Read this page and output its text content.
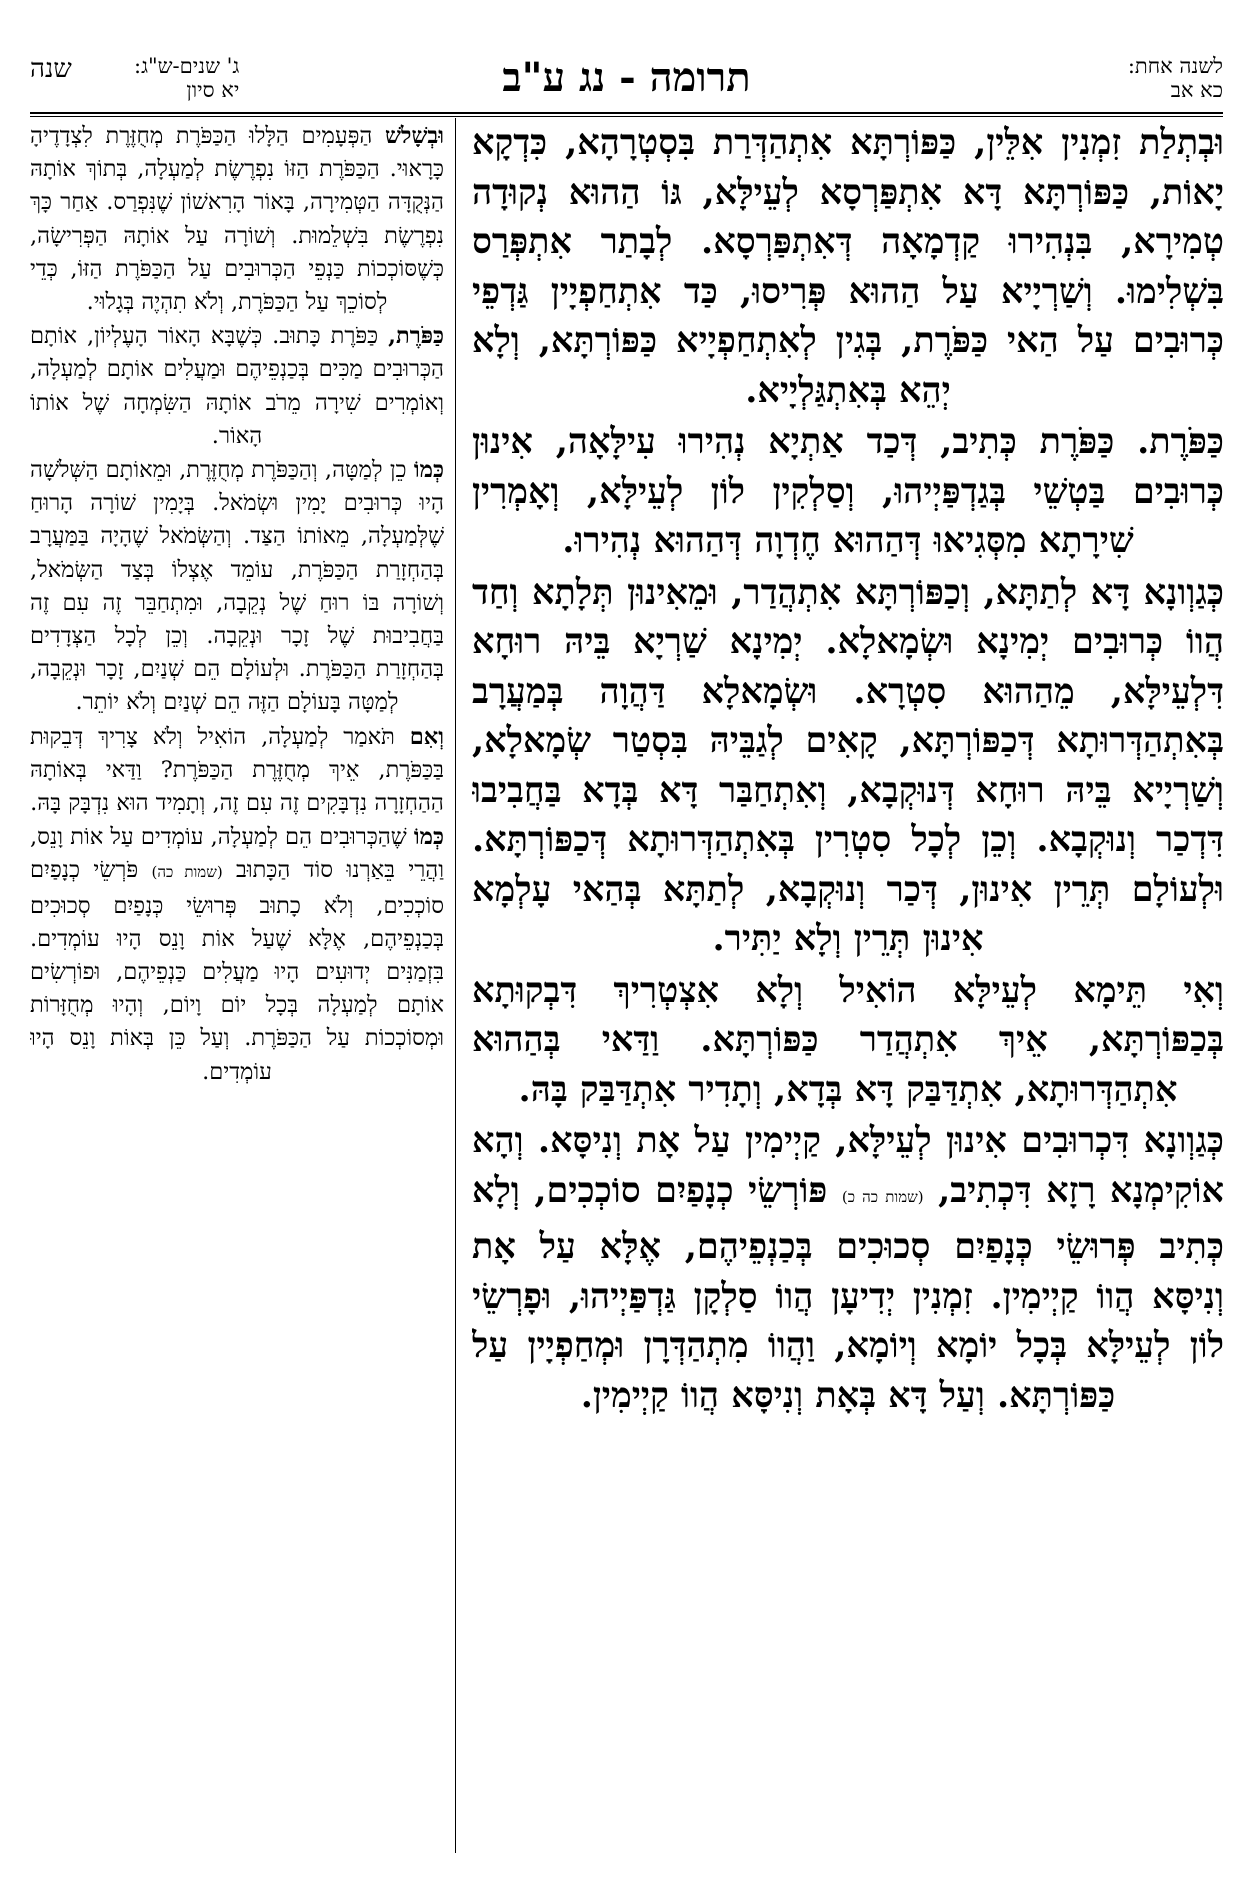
לשנה אחת:
כא אב
תרומה - נג ע"ב
ג' שנים-ש"ג:
יא סיון
שנה

וּבְתְלַת זִמְנִין אִלֵּין, כַּפּוֹרְתָּא אִתְהַדְּרַת בִּסְטְרָהָא, כִּדְקָא יָאוֹת, כַּפּוֹרְתָּא דָּא אִתְפַּרְסָא לְעֵילָּא, גּוֹ הַהוּא נְקוּדָה טְמִירָא, בִּנְהִירוּ קַדְמָאָה דְּאִתְפַּרְסָא. לְבָתַר אִתְפְּרַס בִּשְׁלִימוּ. וְשַׁרְיָיא עַל הַהוּא פְּרִיסוּ, כַּד אִתְחַפְיָין גַּדְפֵי כְּרוּבִים עַל הַאי כַּפֹּרֶת, בְּגִין לְאִתְחַפְיָיא כַּפּוֹרְתָּא, וְלָא יְהֵא בְּאִתְגַּלְיָיא.

כַּפֹּרֶת. כַּפֹּרֶת כְּתִיב, דְּכַד אַתְיָא נְהִירוּ עִילָּאָה, אִינוּן כְּרוּבִים בַּטְשֵׁי בְּגַדְפַּיְיהוּ, וְסַלְקִין לוֹן לְעֵילָּא, וְאָמְרִין שִׁירָתָא מִסְּגִיאוּ דְּהַהוּא חֶדְוָה דְּהַהוּא נְהִירוּ.

כְּגַוְונָא דָּא לְתַתָּא, וְכַפּוֹרְתָּא אִתְהֲדַר, וּמֵאִינוּן תְּלָתָא וְחַד הֲווֹ כְּרוּבִים יְמִינָא וּשְׂמָאלָא. יְמִינָא שַׁרְיָא בֵּיהּ רוּחָא דִּלְעֵילָּא, מֵהַהוּא סִטְרָא. וּשְׂמָאלָא דַּהֲוָה בְּמַעֲרָב בְּאִתְהַדְּרוּתָא דְּכַפּוֹרְתָּא, קָאִים לְגַבֵּיהּ בִּסְטַר שְׂמָאלָא, וְשַׁרְיָיא בֵּיהּ רוּחָא דְּנוּקְבָא, וְאִתְחַבַּר דָּא בְּדָא בַּחֲבִיבוּ דִּדְכַר וְנוּקְבָא. וְכֵן לְכָל סִטְרִין בְּאִתְהַדְּרוּתָא דְּכַפּוֹרְתָּא. וּלְעוֹלָם תְּרֵין אִינוּן, דְּכַר וְנוּקְבָא, לְתַתָּא בְּהַאי עָלְמָא אִינוּן תְּרֵין וְלָא יַתִּיר.

וְאִי תֵּימָא לְעֵילָּא הוֹאִיל וְלָא אִצְטְרִיךְ דִּבְקוּתָא בְּכַפּוֹרְתָּא, אֵיךְ אִתְהֲדַר כַּפּוֹרְתָּא. וַדַּאי בְּהַהוּא אִתְהַדְּרוּתָא, אִתְדַּבַּק דָּא בְּדָא, וְתָדִיר אִתְדַּבַּק בָּהּ.

כְּגַוְונָא דִּכְרוּבִים אִינוּן לְעֵילָּא, קַיְימִין עַל אָת וְנִיסָּא. וְהָא אוֹקִימְנָא רָזָא דִּכְתִיב, (שמות כה כ) פּוֹרְשֵׂי כְנָפַיִם סוֹכְכִים, וְלָא כְּתִיב פְּרוּשֵׂי כְּנָפַיִם סְכוּכִים בְּכַנְפֵיהֶם, אֶלָּא עַל אָת וְנִיסָּא הֲווֹ קַיְימִין. זִמְנִין יְדִיעָן הֲווֹ סַלְקָן גַּדְפַּיְיהוּ, וּפָרְשֵׂי לוֹן לְעֵילָּא בְּכָל יוֹמָא וְיוֹמָא, וַהֲווֹ מִתְהַדְּרָן וּמְחַפְיָין עַל כַּפּוֹרְתָּא. וְעַל דָּא בְּאָת וְנִיסָּא הֲווֹ קַיְימִין.

וּבְשָׁלֹשׁ הַפְּעָמִים הַלָּלוּ הַכַּפֹּרֶת מְחֻזֶּרֶת לִצְדָדֶיהָ כָּרָאוּי. הַכַּפֹּרֶת הַזּוֹ נִפְרֶשֶׂת לְמַעְלָה, בְּתוֹךְ אוֹתָהּ הַנְּקֻדָּה הַטְּמִירָה, בָּאוֹר הָרִאשׁוֹן שֶׁנִּפְרַס. אַחַר כָּךְ נִפְרֶשֶׂת בִּשְׁלֵמוּת. וְשׁוֹרָה עַל אוֹתָהּ הַפְּרִישָׂה, כְּשֶׁסּוֹכְכוֹת כַּנְפֵי הַכְּרוּבִים עַל הַכַּפֹּרֶת הַזּוֹ, כְּדֵי לְסוֹכֵךְ עַל הַכַּפֹּרֶת, וְלֹא תִהְיֶה בְּגָלוּי.

כַּפֹּרֶת, כַּפֹּרֶת כָּתוּב. כְּשֶׁבָּא הָאוֹר הָעֶלְיוֹן, אוֹתָם הַכְּרוּבִים מַכִּים בְּכַנְפֵיהֶם וּמַעֲלִים אוֹתָם לְמַעְלָה, וְאוֹמְרִים שִׁירָה מֵרֹב אוֹתָהּ הַשִּׂמְחָה שֶׁל אוֹתוֹ הָאוֹר.

כְּמוֹ כֵן לְמַטָּה, וְהַכַּפֹּרֶת מְחֻזֶּרֶת, וּמֵאוֹתָם הַשְּׁלֹשָׁה הָיוּ כְּרוּבִים יָמִין וּשְׂמֹאל. בְּיָמִין שׁוֹרָה הָרוּחַ שֶׁלְּמַעְלָה, מֵאוֹתוֹ הַצַּד. וְהַשְּׂמֹאל שֶׁהָיָה בַּמַּעֲרָב בְּהַחְזָרַת הַכַּפֹּרֶת, עוֹמֵד אֶצְלוֹ בְּצַד הַשְּׂמֹאל, וְשׁוֹרָה בּוֹ רוּחַ שֶׁל נְקֵבָה, וּמִתְחַבֵּר זֶה עִם זֶה בַּחֲבִיבוּת שֶׁל זָכָר וּנְקֵבָה. וְכֵן לְכָל הַצְּדָדִים בְּהַחְזָרַת הַכַּפֹּרֶת. וּלְעוֹלָם הֵם שְׁנַיִם, זָכָר וּנְקֵבָה, לְמַטָּה בָּעוֹלָם הַזֶּה הֵם שְׁנַיִם וְלֹא יוֹתֵר.

וְאִם תֹּאמַר לְמַעְלָה, הוֹאִיל וְלֹא צָרִיךְ דְּבֵקוּת בַּכַּפֹּרֶת, אֵיךְ מְחֻזֶּרֶת הַכַּפֹּרֶת? וַדַּאי בְּאוֹתָהּ הַהַחְזָרָה נִדְבָּקִים זֶה עִם זֶה, וְתָמִיד הוּא נִדְבָּק בָּהּ.

כְּמוֹ שֶׁהַכְּרוּבִים הֵם לְמַעְלָה, עוֹמְדִים עַל אוֹת וָנֵס, וַהֲרֵי בֵּאַרְנוּ סוֹד הַכָּתוּב (שמות כה) פֹּרְשֵׂי כְנָפַיִם סוֹכְכִים, וְלֹא כָתוּב פְּרוּשֵׂי כְּנָפַיִם סְכוּכִים בְּכַנְפֵיהֶם, אֶלָּא שֶׁעַל אוֹת וָנֵס הָיוּ עוֹמְדִים. בִּזְמַנִּים יְדוּעִים הָיוּ מַעֲלִים כַּנְפֵיהֶם, וּפוֹרְשִׂים אוֹתָם לְמַעְלָה בְּכָל יוֹם וָיוֹם, וְהָיוּ מְחֻזָּרוֹת וּמְסוֹכְכוֹת עַל הַכַּפֹּרֶת. וְעַל כֵּן בְּאוֹת וָנֵס הָיוּ עוֹמְדִים.
